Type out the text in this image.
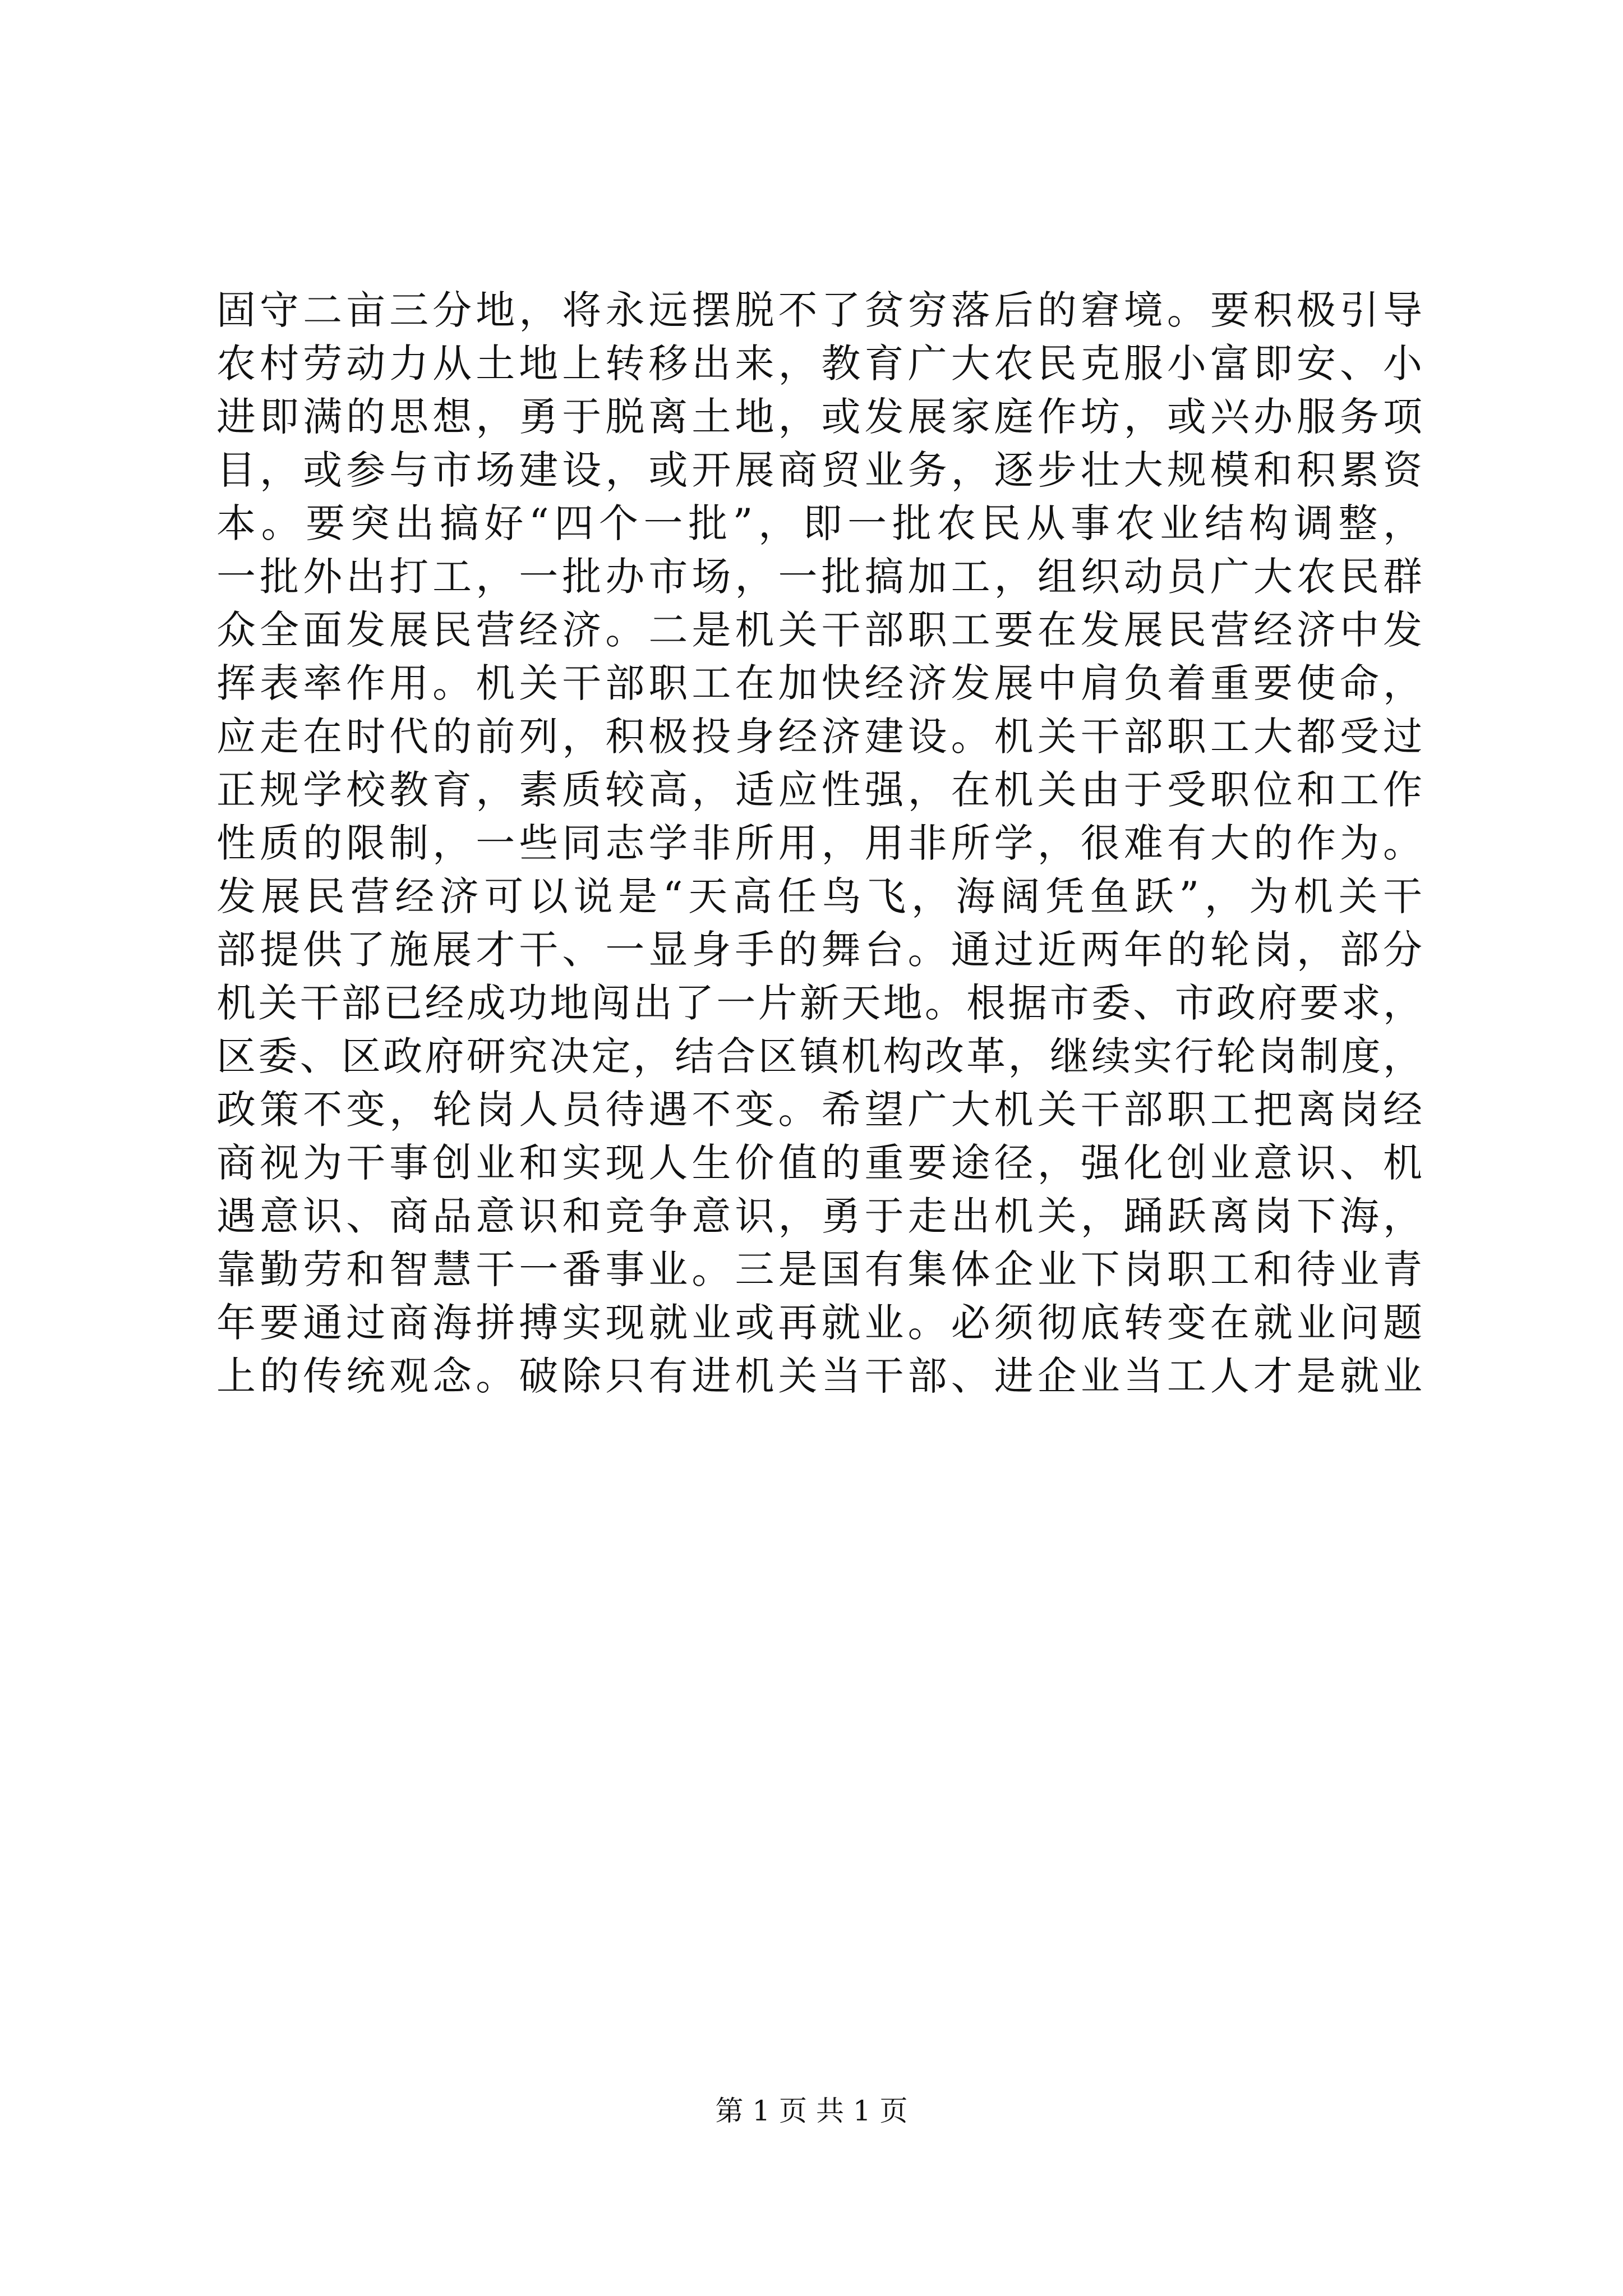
固守二亩三分地，将永远摆脱不了贫穷落后的窘境。要积极引导
农村劳动力从土地上转移出来，教育广大农民克服小富即安、小
进即满的思想，勇于脱离土地，或发展家庭作坊，或兴办服务项
目，或参与市场建设，或开展商贸业务，逐步壮大规模和积累资
本。要突出搞好“四个一批”，即一批农民从事农业结构调整，
一批外出打工，一批办市场，一批搞加工，组织动员广大农民群
众全面发展民营经济。二是机关干部职工要在发展民营经济中发
挥表率作用。机关干部职工在加快经济发展中肩负着重要使命，
应走在时代的前列，积极投身经济建设。机关干部职工大都受过
正规学校教育，素质较高，适应性强，在机关由于受职位和工作
性质的限制，一些同志学非所用，用非所学，很难有大的作为。
发展民营经济可以说是“天高任鸟飞，海阔凭鱼跃”，为机关干
部提供了施展才干、一显身手的舞台。通过近两年的轮岗，部分
机关干部已经成功地闯出了一片新天地。根据市委、市政府要求，
区委、区政府研究决定，结合区镇机构改革，继续实行轮岗制度，
政策不变，轮岗人员待遇不变。希望广大机关干部职工把离岗经
商视为干事创业和实现人生价值的重要途径，强化创业意识、机
遇意识、商品意识和竞争意识，勇于走出机关，踊跃离岗下海，
靠勤劳和智慧干一番事业。三是国有集体企业下岗职工和待业青
年要通过商海拼搏实现就业或再就业。必须彻底转变在就业问题
上的传统观念。破除只有进机关当干部、进企业当工人才是就业
第 1 页 共 1 页
